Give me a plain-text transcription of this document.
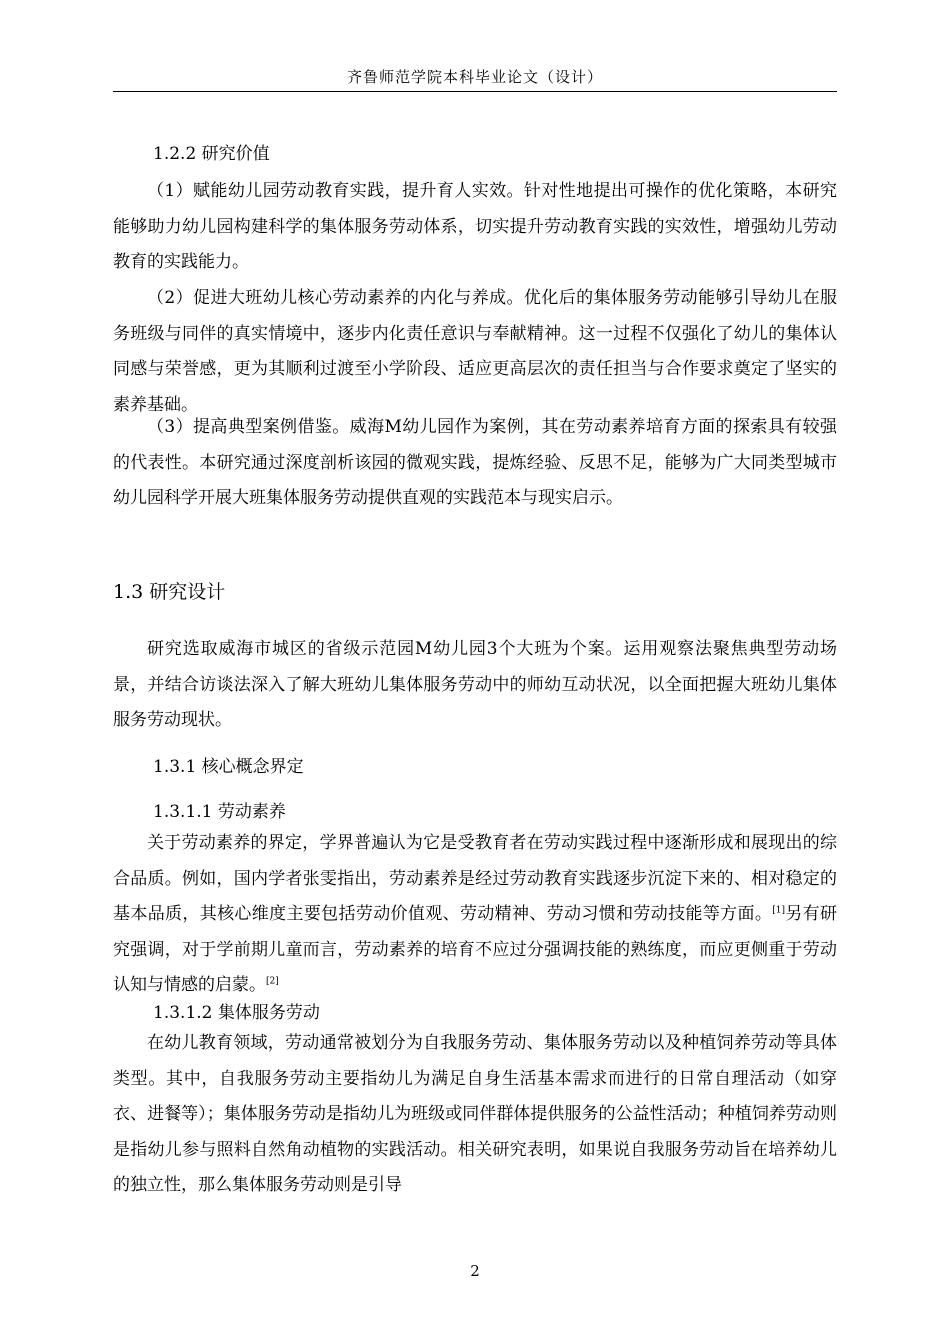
齐鲁师范学院本科毕业论文（设计）
1.2.2 研究价值

（1）赋能幼儿园劳动教育实践，提升育人实效。针对性地提出可操作的优化策略，本研究能够助力幼儿园构建科学的集体服务劳动体系，切实提升劳动教育实践的实效性，增强幼儿劳动教育的实践能力。

（2）促进大班幼儿核心劳动素养的内化与养成。优化后的集体服务劳动能够引导幼儿在服务班级与同伴的真实情境中，逐步内化责任意识与奉献精神。这一过程不仅强化了幼儿的集体认同感与荣誉感，更为其顺利过渡至小学阶段、适应更高层次的责任担当与合作要求奠定了坚实的素养基础。

（3）提高典型案例借鉴。威海M幼儿园作为案例，其在劳动素养培育方面的探索具有较强的代表性。本研究通过深度剖析该园的微观实践，提炼经验、反思不足，能够为广大同类型城市幼儿园科学开展大班集体服务劳动提供直观的实践范本与现实启示。

1.3 研究设计

研究选取威海市城区的省级示范园M幼儿园3个大班为个案。运用观察法聚焦典型劳动场景，并结合访谈法深入了解大班幼儿集体服务劳动中的师幼互动状况，以全面把握大班幼儿集体服务劳动现状。

1.3.1 核心概念界定
1.3.1.1 劳动素养

关于劳动素养的界定，学界普遍认为它是受教育者在劳动实践过程中逐渐形成和展现出的综合品质。例如，国内学者张雯指出，劳动素养是经过劳动教育实践逐步沉淀下来的、相对稳定的基本品质，其核心维度主要包括劳动价值观、劳动精神、劳动习惯和劳动技能等方面。[1]另有研究强调，对于学前期儿童而言，劳动素养的培育不应过分强调技能的熟练度，而应更侧重于劳动认知与情感的启蒙。[2]

1.3.1.2 集体服务劳动

在幼儿教育领域，劳动通常被划分为自我服务劳动、集体服务劳动以及种植饲养劳动等具体类型。其中，自我服务劳动主要指幼儿为满足自身生活基本需求而进行的日常自理活动（如穿衣、进餐等）；集体服务劳动是指幼儿为班级或同伴群体提供服务的公益性活动；种植饲养劳动则是指幼儿参与照料自然角动植物的实践活动。相关研究表明，如果说自我服务劳动旨在培养幼儿的独立性，那么集体服务劳动则是引导

2
